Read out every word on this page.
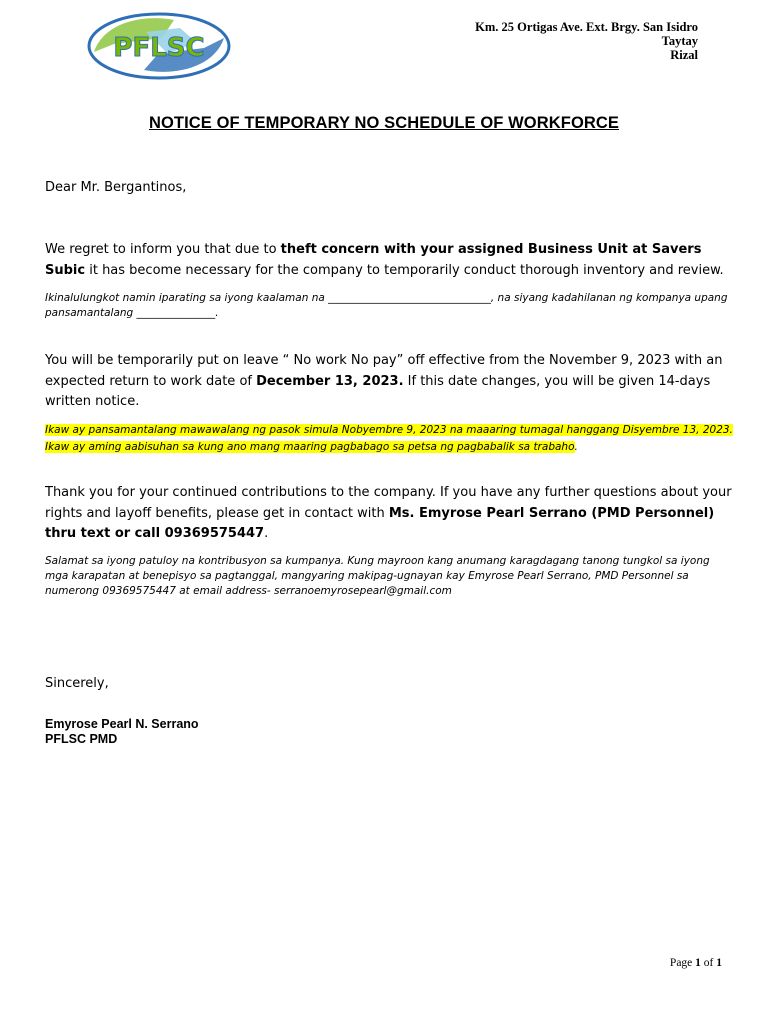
PFLSC
Km. 25 Ortigas Ave. Ext. Brgy. San Isidro
Taytay
Rizal
NOTICE OF TEMPORARY NO SCHEDULE OF WORKFORCE
Dear Mr. Bergantinos,
We regret to inform you that due to theft concern with your assigned Business Unit at Savers Subic it has become necessary for the company to temporarily conduct thorough inventory and review.
Ikinalulungkot namin iparating sa iyong kaalaman na _______________________________, na siyang kadahilanan ng kompanya upang pansamantalang _______________.
You will be temporarily put on leave “ No work No pay” off effective from the November 9, 2023 with an expected return to work date of December 13, 2023. If this date changes, you will be given 14-days written notice.
Ikaw ay pansamantalang mawawalang ng pasok simula Nobyembre 9, 2023 na maaaring tumagal hanggang Disyembre 13, 2023. Ikaw ay aming aabisuhan sa kung ano mang maaring pagbabago sa petsa ng pagbabalik sa trabaho.
Thank you for your continued contributions to the company. If you have any further questions about your rights and layoff benefits, please get in contact with Ms. Emyrose Pearl Serrano (PMD Personnel) thru text or call 09369575447.
Salamat sa iyong patuloy na kontribusyon sa kumpanya. Kung mayroon kang anumang karagdagang tanong tungkol sa iyong mga karapatan at benepisyo sa pagtanggal, mangyaring makipag-ugnayan kay Emyrose Pearl Serrano, PMD Personnel sa numerong 09369575447 at email address- serranoemyrosepearl@gmail.com
Sincerely,
Emyrose Pearl N. Serrano
PFLSC PMD
Page 1 of 1
